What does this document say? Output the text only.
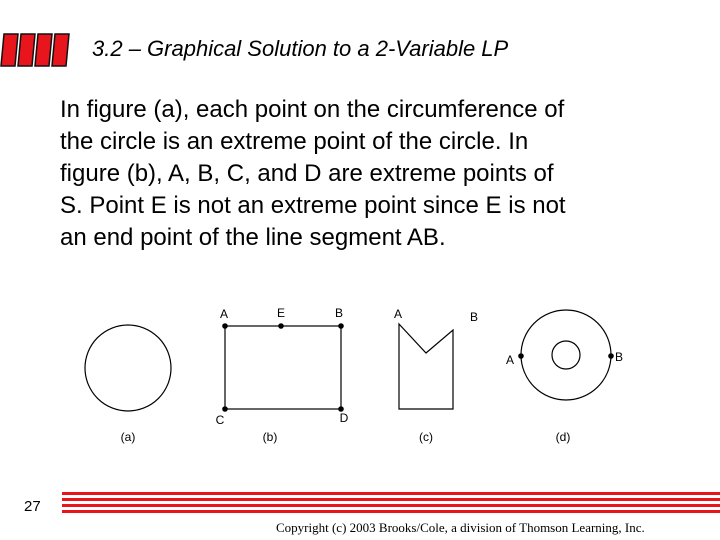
3.2 – Graphical Solution to a 2-Variable LP
In figure (a), each point on the circumference of
the circle is an extreme point of the circle. In
figure (b), A, B, C, and D are extreme points of
S. Point E is not an extreme point since E is not
an end point of the line segment AB.
(a)
A	E	B
C	D
(b)
A	B
(c)
A	B
(d)
27
Copyright (c) 2003 Brooks/Cole, a division of Thomson Learning, Inc.
